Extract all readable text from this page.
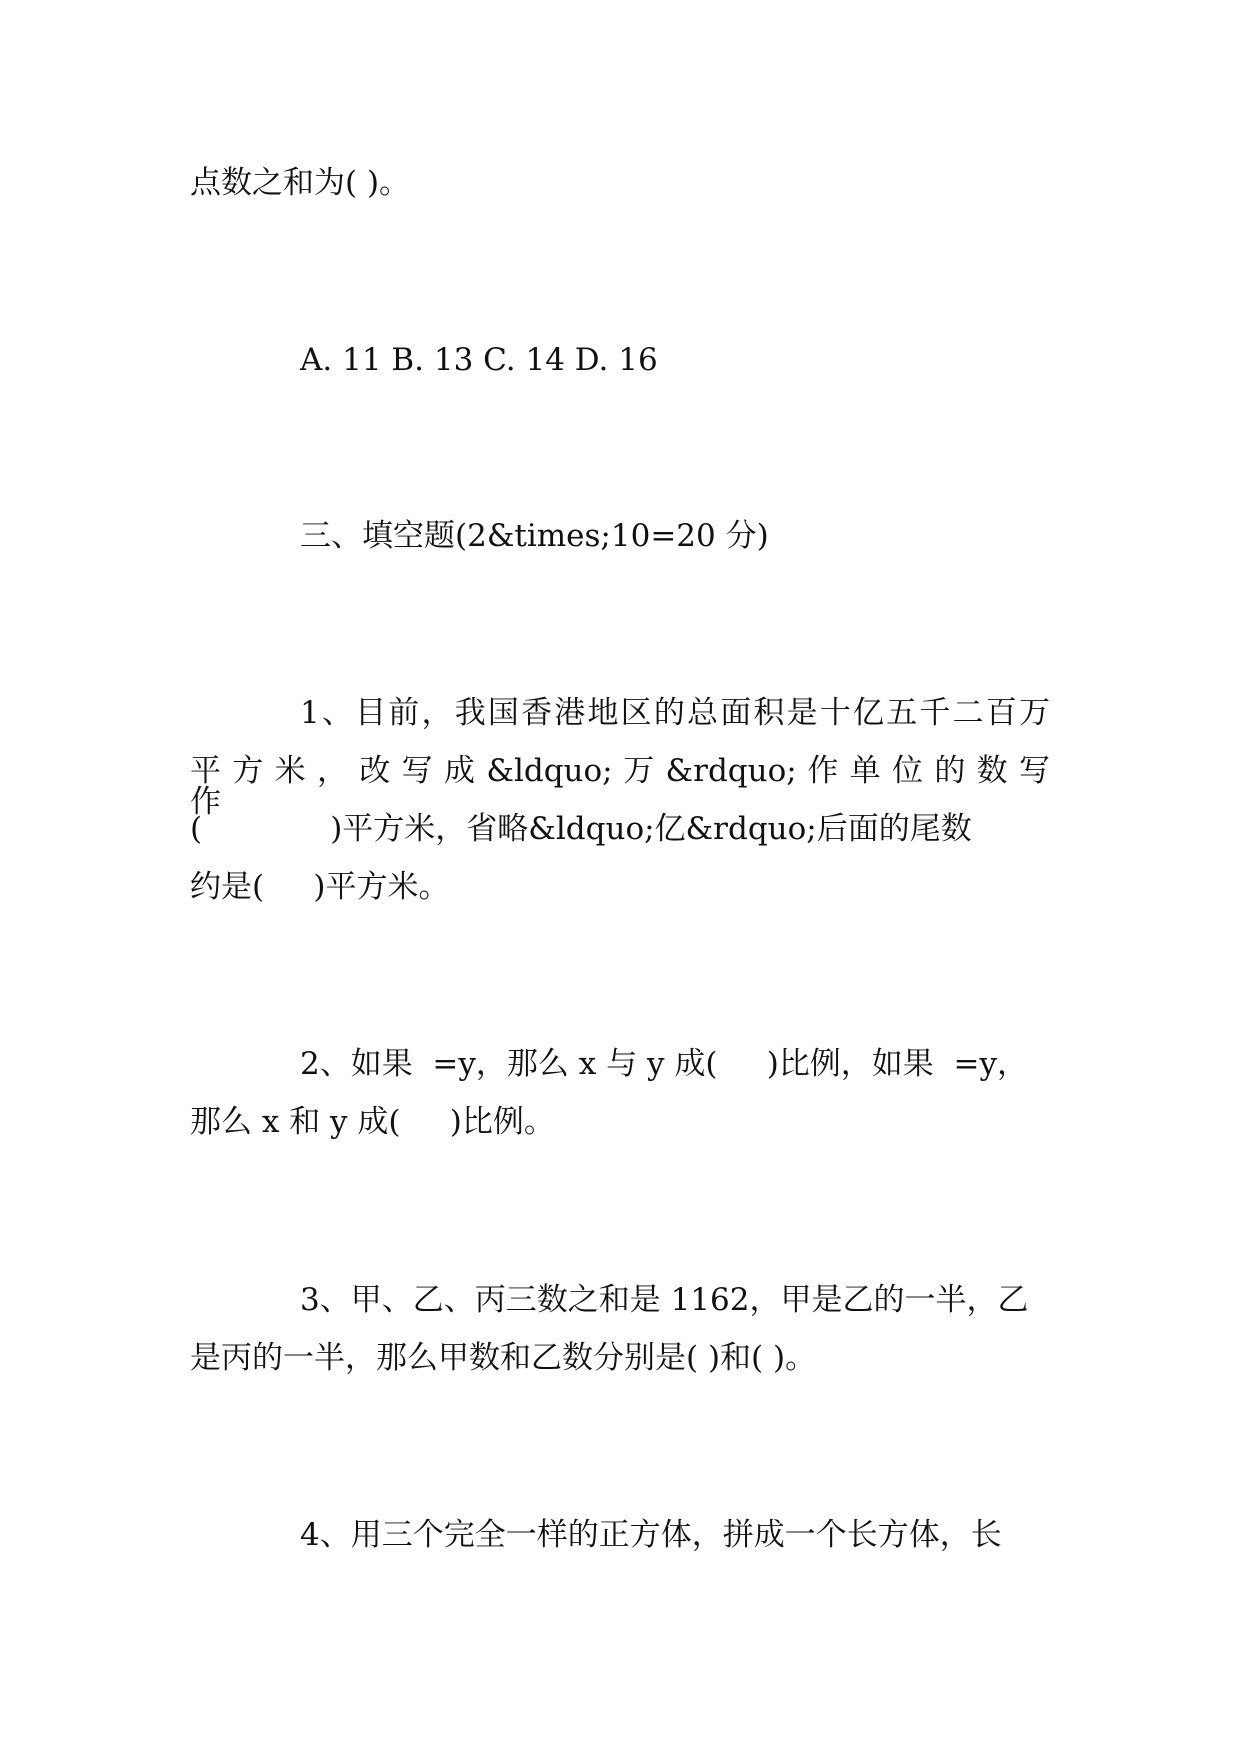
点数之和为( )。

A. 11 B. 13 C. 14 D. 16

三、填空题(2&times;10=20 分)

1、目前，我国香港地区的总面积是十亿五千二百万

平 方 米 ， 改 写 成 &ldquo; 万 &rdquo; 作 单 位 的 数 写 作

(             )平方米，省略&ldquo;亿&rdquo;后面的尾数

约是(     )平方米。

2、如果  =y，那么 x 与 y 成(     )比例，如果  =y，

那么 x 和 y 成(     )比例。

3、甲、乙、丙三数之和是 1162，甲是乙的一半，乙

是丙的一半，那么甲数和乙数分别是( )和( )。

4、用三个完全一样的正方体，拼成一个长方体，长
